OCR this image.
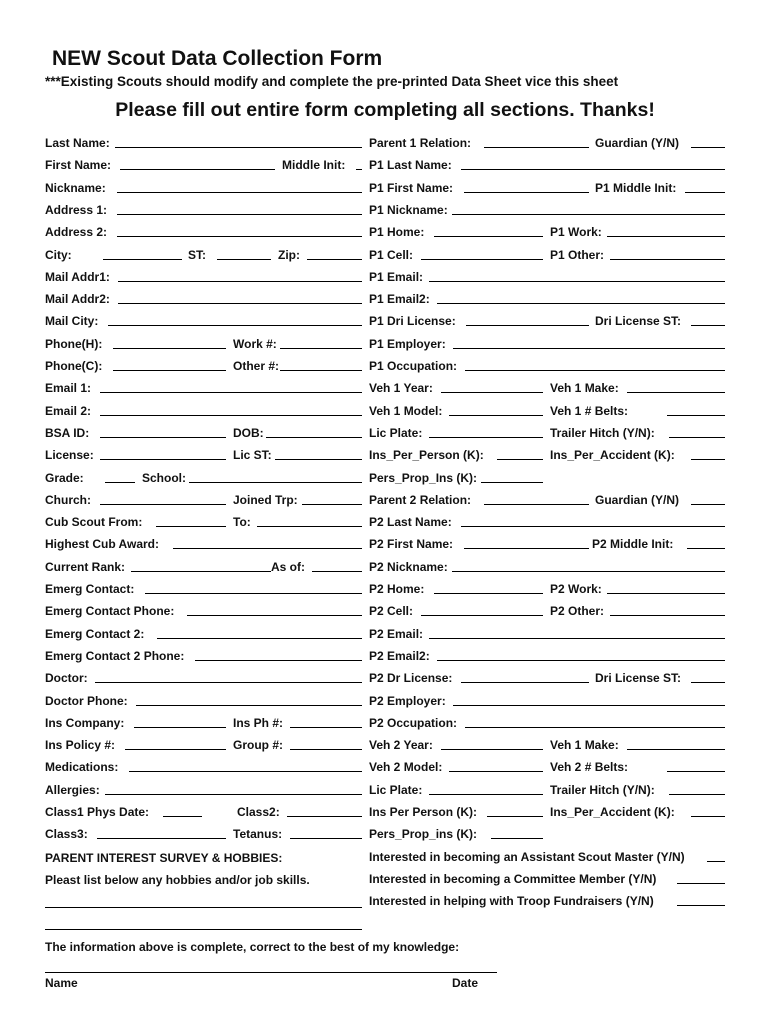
NEW Scout Data Collection Form
***Existing Scouts should modify and complete the pre-printed Data Sheet vice this sheet
Please fill out entire form completing all sections. Thanks!
Last Name:
First Name:	Middle Init:
Nickname:
Address 1:
Address 2:
City:	ST:	Zip:
Mail Addr1:
Mail Addr2:
Mail City:
Phone(H):	Work #:
Phone(C):	Other #:
Email 1:
Email 2:
BSA ID:	DOB:
License:	Lic ST:
Grade:	School:
Church:	Joined Trp:
Cub Scout From:	To:
Highest Cub Award:
Current Rank:	As of:
Emerg Contact:
Emerg Contact Phone:
Emerg Contact 2:
Emerg Contact 2 Phone:
Doctor:
Doctor Phone:
Ins Company:	Ins Ph #:
Ins Policy #:	Group #:
Medications:
Allergies:
Class1 Phys Date:	Class2:
Class3:	Tetanus:
Parent 1 Relation:	Guardian (Y/N)
P1 Last Name:
P1 First Name:	P1 Middle Init:
P1 Nickname:
P1 Home:	P1 Work:
P1 Cell:	P1 Other:
P1 Email:
P1 Email2:
P1 Dri License:	Dri License ST:
P1 Employer:
P1 Occupation:
Veh 1 Year:	Veh 1 Make:
Veh 1 Model:	Veh 1 # Belts:
Lic Plate:	Trailer Hitch (Y/N):
Ins_Per_Person (K):	Ins_Per_Accident (K):
Pers_Prop_Ins (K):
Parent 2 Relation:	Guardian (Y/N)
P2 Last Name:
P2 First Name:	P2 Middle Init:
P2 Nickname:
P2 Home:	P2 Work:
P2 Cell:	P2 Other:
P2 Email:
P2 Email2:
P2 Dr License:	Dri License ST:
P2 Employer:
P2 Occupation:
Veh 2 Year:	Veh 1 Make:
Veh 2 Model:	Veh 2 # Belts:
Lic Plate:	Trailer Hitch (Y/N):
Ins Per Person (K):	Ins_Per_Accident (K):
Pers_Prop_ins (K):
Interested in becoming an Assistant Scout Master (Y/N)
Interested in becoming a Committee Member (Y/N)
Interested in helping with Troop Fundraisers (Y/N)
PARENT INTEREST SURVEY & HOBBIES:
Pleast list below any hobbies and/or job skills.
The information above is complete, correct to the best of my knowledge:
Name	Date
